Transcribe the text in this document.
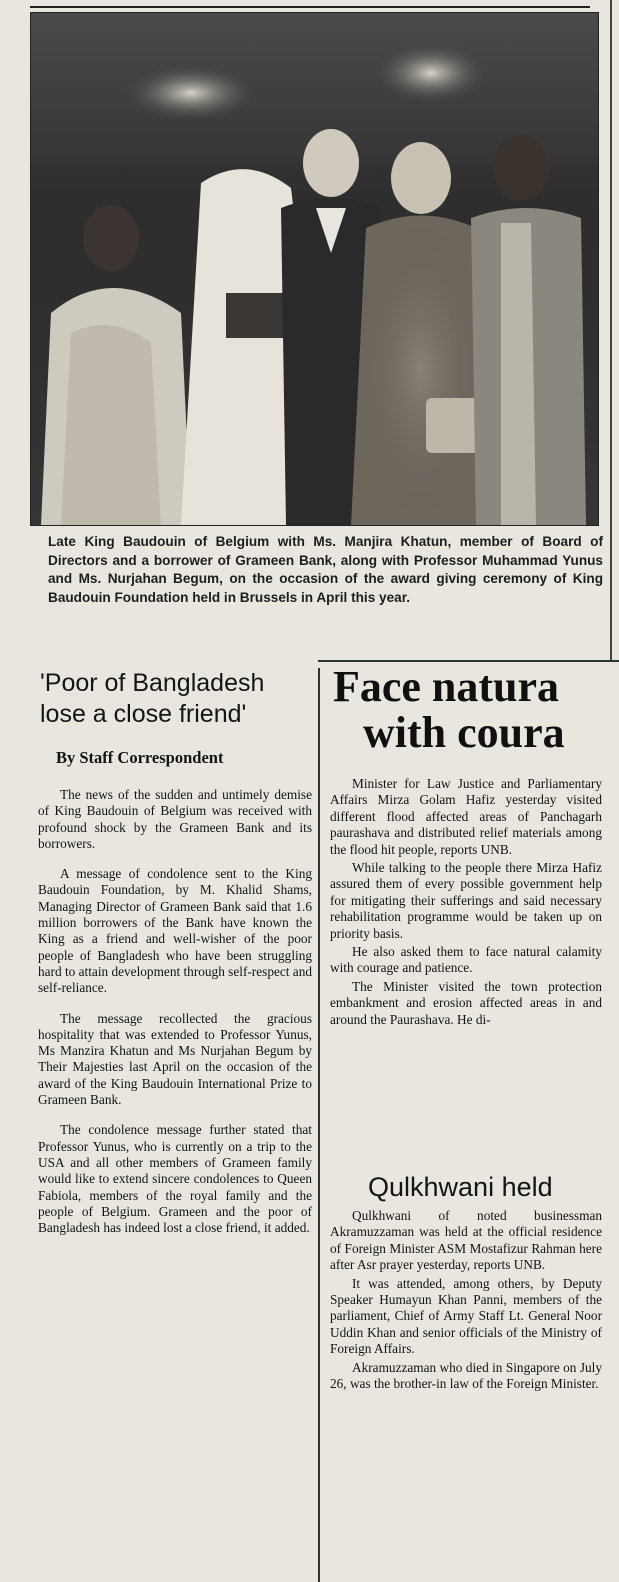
Late King Baudouin of Belgium with Ms. Manjira Khatun, member of Board of Directors and a borrower of Grameen Bank, along with Professor Muhammad Yunus and Ms. Nurjahan Begum, on the occasion of the award giving ceremony of King Baudouin Foundation held in Brussels in April this year.
'Poor of Bangladesh
lose a close friend'
By Staff Correspondent

The news of the sudden and untimely demise of King Baudouin of Belgium was received with profound shock by the Grameen Bank and its borrowers.

A message of condolence sent to the King Baudouin Foundation, by M. Khalid Shams, Managing Director of Grameen Bank said that 1.6 million borrowers of the Bank have known the King as a friend and well-wisher of the poor people of Bangladesh who have been struggling hard to attain development through self-respect and self-reliance.

The message recollected the gracious hospitality that was extended to Professor Yunus, Ms Manzira Khatun and Ms Nurjahan Begum by Their Majesties last April on the occasion of the award of the King Baudouin International Prize to Grameen Bank.

The condolence message further stated that Professor Yunus, who is currently on a trip to the USA and all other members of Grameen family would like to extend sincere condolences to Queen Fabiola, members of the royal family and the people of Belgium. Grameen and the poor of Bangladesh has indeed lost a close friend, it added.

Face natura
with coura

Minister for Law Justice and Parliamentary Affairs Mirza Golam Hafiz yesterday visited different flood affected areas of Panchagarh paurashava and distributed relief materials among the flood hit people, reports UNB.

While talking to the people there Mirza Hafiz assured them of every possible government help for mitigating their sufferings and said necessary rehabilitation programme would be taken up on priority basis.

He also asked them to face natural calamity with courage and patience.

The Minister visited the town protection embankment and erosion affected areas in and around the Paurashava. He di-

Qulkhwani held

Qulkhwani of noted businessman Akramuzzaman was held at the official residence of Foreign Minister ASM Mostafizur Rahman here after Asr prayer yesterday, reports UNB.

It was attended, among others, by Deputy Speaker Humayun Khan Panni, members of the parliament, Chief of Army Staff Lt. General Noor Uddin Khan and senior officials of the Ministry of Foreign Affairs.

Akramuzzaman who died in Singapore on July 26, was the brother-in law of the Foreign Minister.
